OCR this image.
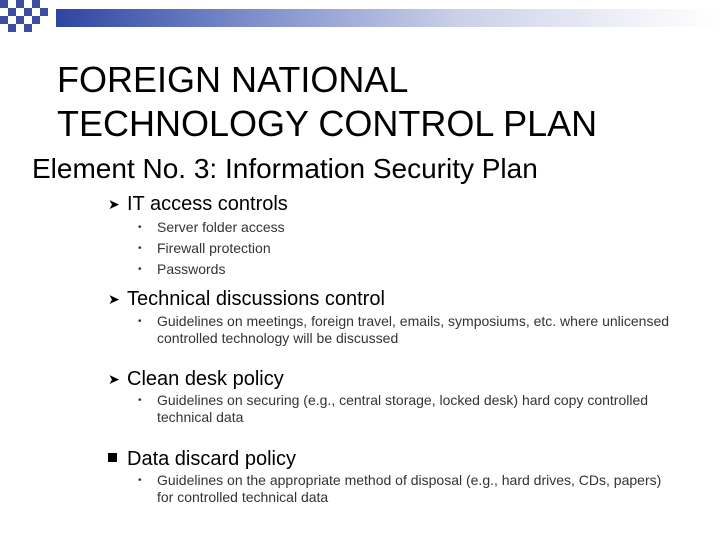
FOREIGN NATIONAL
TECHNOLOGY CONTROL PLAN
Element No. 3: Information Security Plan
➤ IT access controls
• Server folder access
• Firewall protection
• Passwords
➤ Technical discussions control
• Guidelines on meetings, foreign travel, emails, symposiums, etc. where unlicensed controlled technology will be discussed
➤ Clean desk policy
• Guidelines on securing (e.g., central storage, locked desk) hard copy controlled technical data
Data discard policy
• Guidelines on the appropriate method of disposal (e.g., hard drives, CDs, papers) for controlled technical data
